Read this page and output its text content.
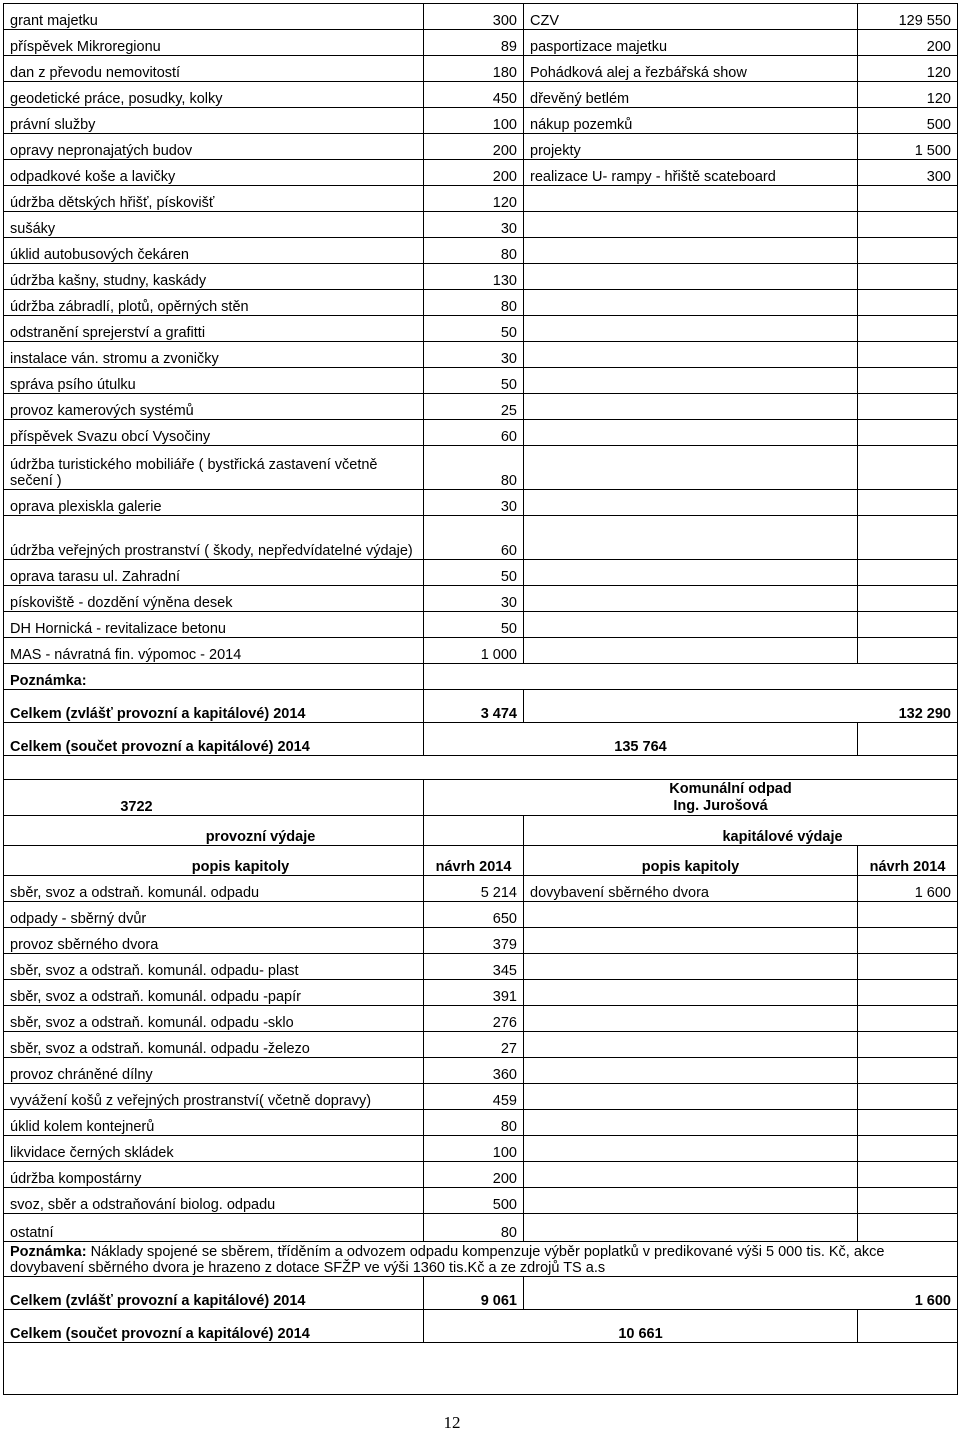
grant majetku	300	CZV	129 550
příspěvek Mikroregionu	89	pasportizace majetku	200
dan z převodu nemovitostí	180	Pohádková alej a řezbářská show	120
geodetické práce, posudky, kolky	450	dřevěný betlém	120
právní služby	100	nákup pozemků	500
opravy nepronajatých budov	200	projekty	1 500
odpadkové koše a lavičky	200	realizace U- rampy - hřiště scateboard	300
údržba dětských hřišť, pískovišť	120		
sušáky	30		
úklid autobusových čekáren	80		
údržba kašny, studny, kaskády	130		
údržba zábradlí, plotů, opěrných stěn	80		
odstranění sprejerství a grafitti	50		
instalace ván. stromu a zvoničky	30		
správa psího útulku	50		
provoz kamerových systémů	25		
příspěvek Svazu obcí Vysočiny	60		
údržba turistického mobiliáře ( bystřická zastavení včetně sečení )	80		
oprava plexiskla galerie	30		
údržba veřejných prostranství ( škody, nepředvídatelné výdaje)	60		
oprava tarasu ul. Zahradní	50		
pískoviště - dozdění výněna desek	30		
DH Hornická - revitalizace betonu	50		
MAS - návratná fin. výpomoc - 2014	1 000		
Poznámka:			
Celkem (zvlášť provozní a kapitálové) 2014	3 474	132 290	
Celkem (součet provozní a kapitálové) 2014	135 764		

3722	Komunální odpad
Ing. Jurošová		

provozní výdaje		kapitálové výdaje	
popis kapitoly	návrh 2014	popis kapitoly	návrh 2014
sběr, svoz a odstraň. komunál. odpadu	5 214	dovybavení sběrného dvora	1 600
odpady - sběrný dvůr	650		
provoz sběrného dvora	379		
sběr, svoz a odstraň. komunál. odpadu- plast	345		
sběr, svoz a odstraň. komunál. odpadu -papír	391		
sběr, svoz a odstraň. komunál. odpadu -sklo	276		
sběr, svoz a odstraň. komunál. odpadu -železo	27		
provoz chráněné dílny	360		
vyvážení košů z veřejných prostranství( včetně dopravy)	459		
úklid kolem kontejnerů	80		
likvidace černých skládek	100		
údržba kompostárny	200		
svoz, sběr a odstraňování biolog. odpadu	500		
ostatní	80		
Poznámka: Náklady spojené se sběrem, tříděním a odvozem odpadu kompenzuje výběr poplatků v predikované výši 5 000 tis. Kč, akce dovybavení sběrného dvora je hrazeno z dotace SFŽP ve výši 1360 tis.Kč a ze zdrojů TS a.s			
Celkem (zvlášť provozní a kapitálové) 2014	9 061	1 600	
Celkem (součet provozní a kapitálové) 2014	10 661		

12
